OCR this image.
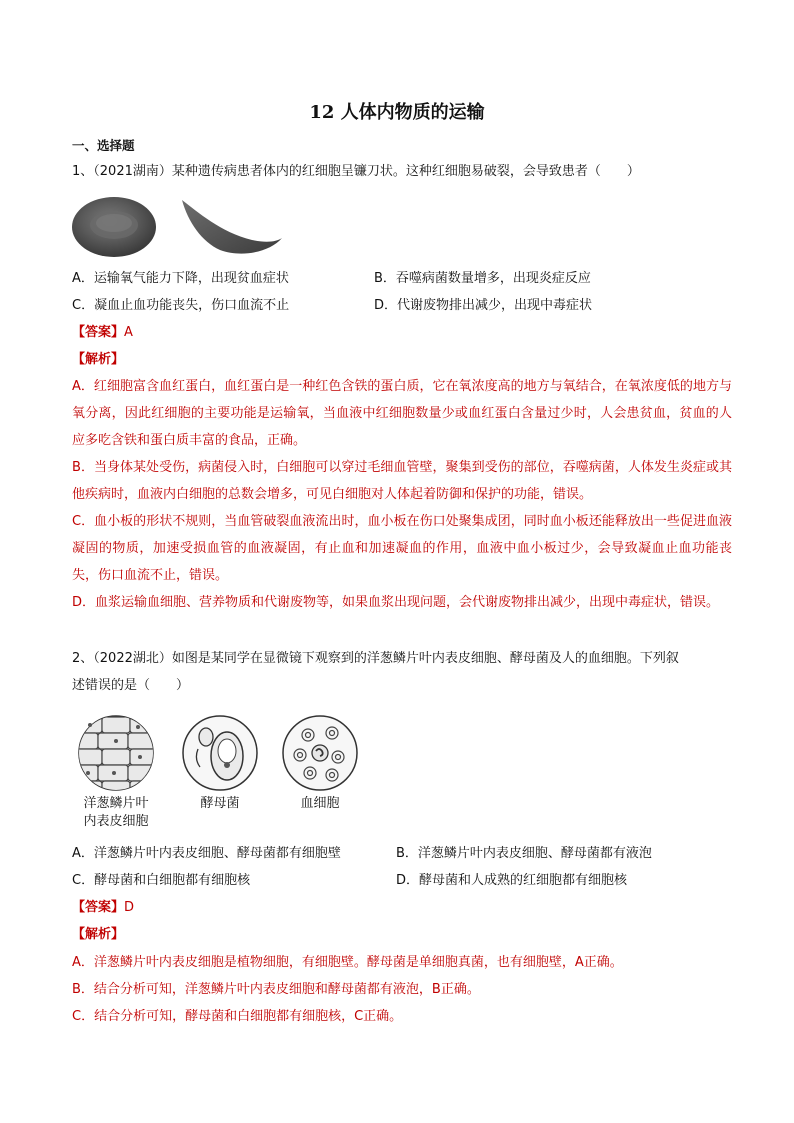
12 人体内物质的运输
一、选择题
1、（2021湖南）某种遗传病患者体内的红细胞呈镰刀状。这种红细胞易破裂，会导致患者（　　）
A．运输氧气能力下降，出现贫血症状	B．吞噬病菌数量增多，出现炎症反应
C．凝血止血功能丧失，伤口血流不止	D．代谢废物排出减少，出现中毒症状
【答案】A
【解析】

A．红细胞富含血红蛋白，血红蛋白是一种红色含铁的蛋白质，它在氧浓度高的地方与氧结合，在氧浓度低的地方与氧分离，因此红细胞的主要功能是运输氧，当血液中红细胞数量少或血红蛋白含量过少时，人会患贫血，贫血的人应多吃含铁和蛋白质丰富的食品，正确。

B．当身体某处受伤，病菌侵入时，白细胞可以穿过毛细血管壁，聚集到受伤的部位，吞噬病菌，人体发生炎症或其他疾病时，血液内白细胞的总数会增多，可见白细胞对人体起着防御和保护的功能，错误。

C．血小板的形状不规则，当血管破裂血液流出时，血小板在伤口处聚集成团，同时血小板还能释放出一些促进血液凝固的物质，加速受损血管的血液凝固，有止血和加速凝血的作用，血液中血小板过少，会导致凝血止血功能丧失，伤口血流不止，错误。

D．血浆运输血细胞、营养物质和代谢废物等，如果血浆出现问题，会代谢废物排出减少，出现中毒症状，错误。

2、（2022湖北）如图是某同学在显微镜下观察到的洋葱鳞片叶内表皮细胞、酵母菌及人的血细胞。下列叙
述错误的是（　　）
洋葱鳞片叶
内表皮细胞
酵母菌	血细胞
A．洋葱鳞片叶内表皮细胞、酵母菌都有细胞壁	B．洋葱鳞片叶内表皮细胞、酵母菌都有液泡
C．酵母菌和白细胞都有细胞核	D．酵母菌和人成熟的红细胞都有细胞核
【答案】D
【解析】

A．洋葱鳞片叶内表皮细胞是植物细胞，有细胞壁。酵母菌是单细胞真菌，也有细胞壁，A正确。

B．结合分析可知，洋葱鳞片叶内表皮细胞和酵母菌都有液泡，B正确。

C．结合分析可知，酵母菌和白细胞都有细胞核，C正确。
